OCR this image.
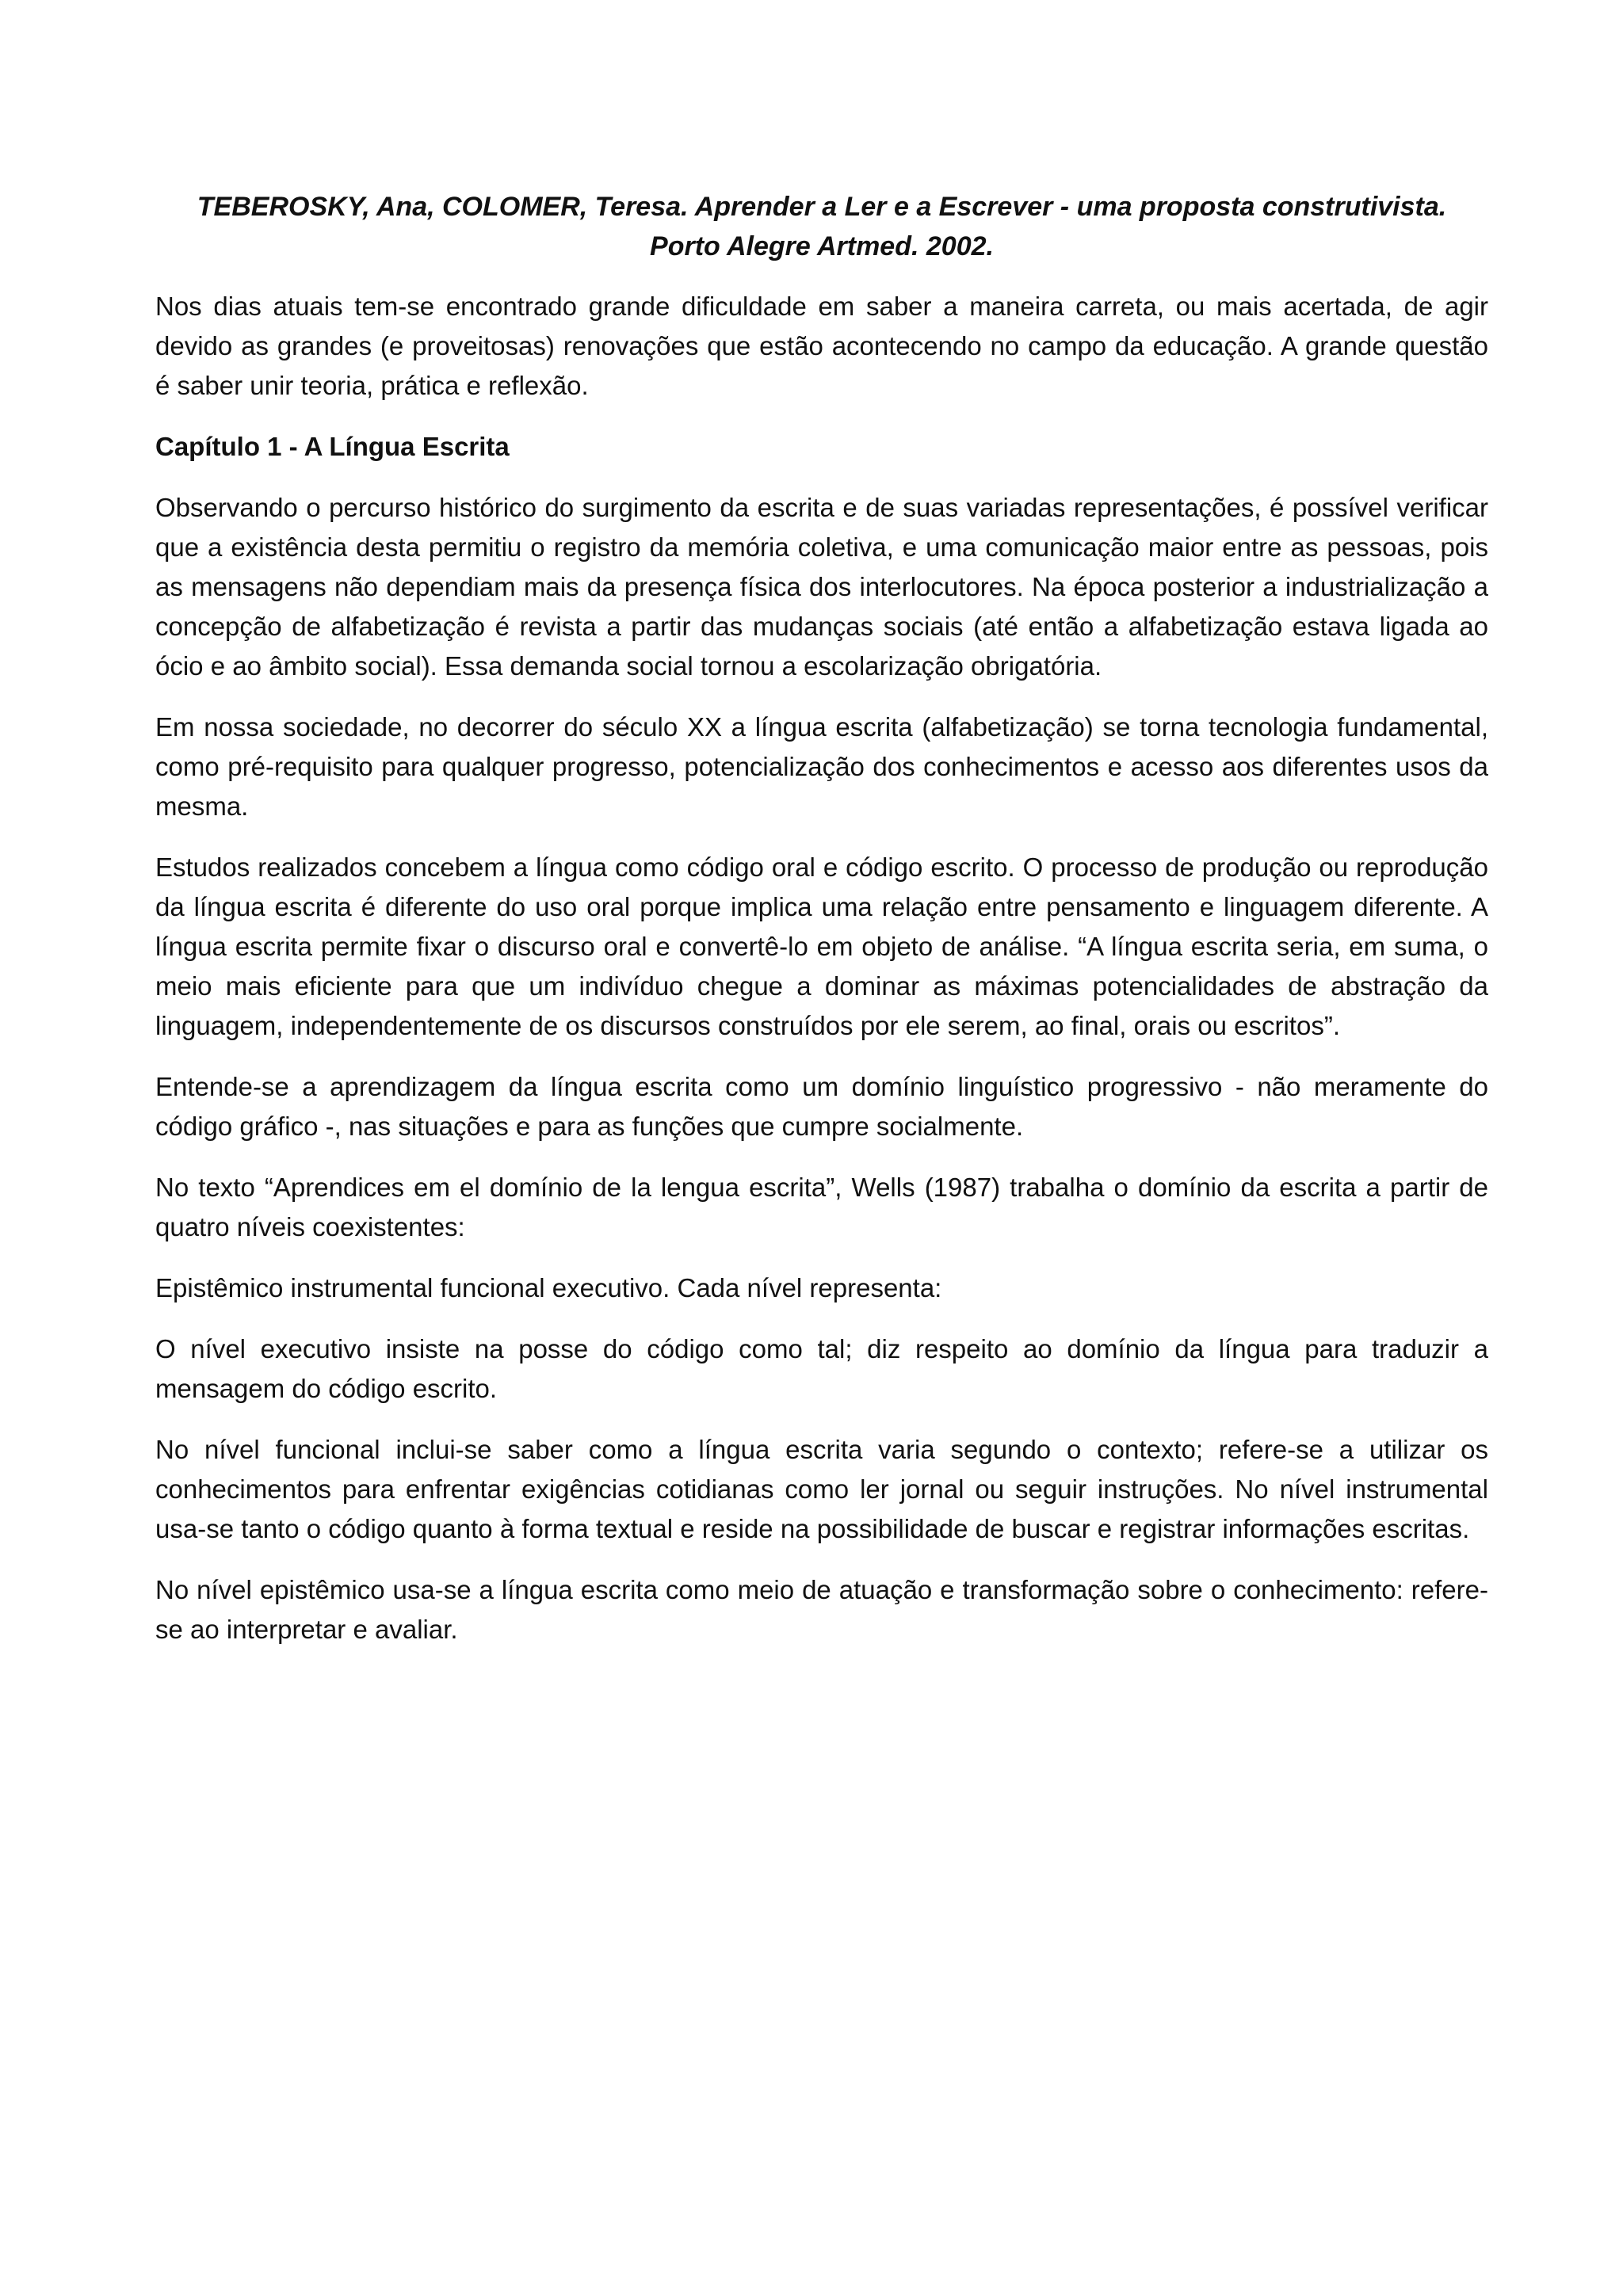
TEBEROSKY, Ana, COLOMER, Teresa. Aprender a Ler e a Escrever - uma proposta construtivista.
Porto Alegre Artmed. 2002.

Nos dias atuais tem-se encontrado grande dificuldade em saber a maneira carreta, ou mais acertada, de agir devido as grandes (e proveitosas) renovações que estão acontecendo no campo da educação. A grande questão é saber unir teoria, prática e reflexão.

Capítulo 1 - A Língua Escrita

Observando o percurso histórico do surgimento da escrita e de suas variadas representações, é possível verificar que a existência desta permitiu o registro da memória coletiva, e uma comunicação maior entre as pessoas, pois as mensagens não dependiam mais da presença física dos interlocutores. Na época posterior a industrialização a concepção de alfabetização é revista a partir das mudanças sociais (até então a alfabetização estava ligada ao ócio e ao âmbito social). Essa demanda social tornou a escolarização obrigatória.

Em nossa sociedade, no decorrer do século XX a língua escrita (alfabetização) se torna tecnologia fundamental, como pré-requisito para qualquer progresso, potencialização dos conhecimentos e acesso aos diferentes usos da mesma.

Estudos realizados concebem a língua como código oral e código escrito. O processo de produção ou reprodução da língua escrita é diferente do uso oral porque implica uma relação entre pensamento e linguagem diferente. A língua escrita permite fixar o discurso oral e convertê-lo em objeto de análise. “A língua escrita seria, em suma, o meio mais eficiente para que um indivíduo chegue a dominar as máximas potencialidades de abstração da linguagem, independentemente de os discursos construídos por ele serem, ao final, orais ou escritos”.

Entende-se a aprendizagem da língua escrita como um domínio linguístico progressivo - não meramente do código gráfico -, nas situações e para as funções que cumpre socialmente.

No texto “Aprendices em el domínio de la lengua escrita”, Wells (1987) trabalha o domínio da escrita a partir de quatro níveis coexistentes:

Epistêmico instrumental funcional executivo. Cada nível representa:

O nível executivo insiste na posse do código como tal; diz respeito ao domínio da língua para traduzir a mensagem do código escrito.

No nível funcional inclui-se saber como a língua escrita varia segundo o contexto; refere-se a utilizar os conhecimentos para enfrentar exigências cotidianas como ler jornal ou seguir instruções. No nível instrumental usa-se tanto o código quanto à forma textual e reside na possibilidade de buscar e registrar informações escritas.

No nível epistêmico usa-se a língua escrita como meio de atuação e transformação sobre o conhecimento: refere-se ao interpretar e avaliar.
